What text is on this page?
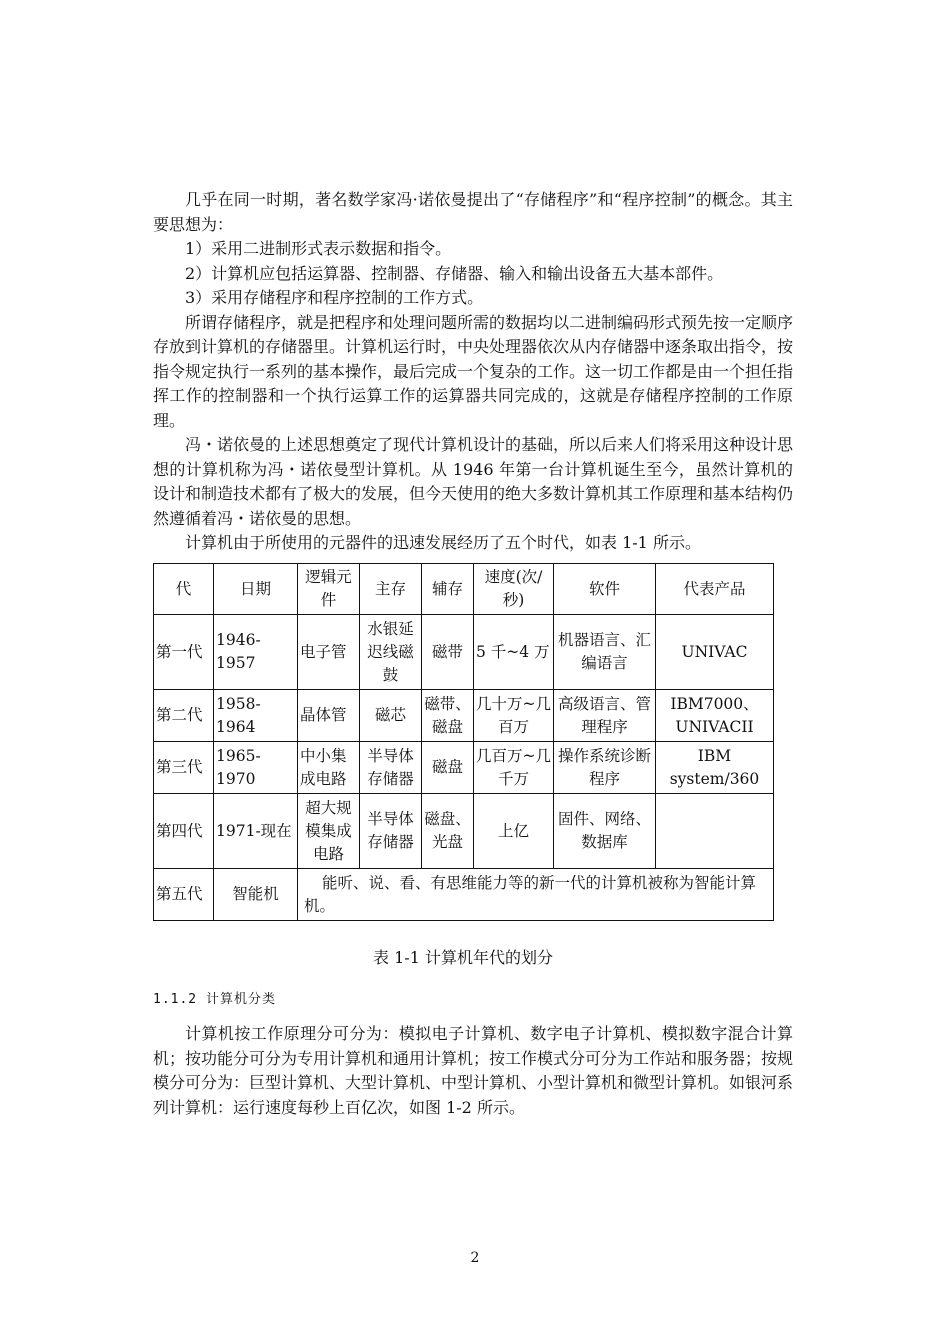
几乎在同一时期，著名数学家冯·诺依曼提出了“存储程序”和“程序控制”的概念。其主要思想为：

1）采用二进制形式表示数据和指令。

2）计算机应包括运算器、控制器、存储器、输入和输出设备五大基本部件。

3）采用存储程序和程序控制的工作方式。

所谓存储程序，就是把程序和处理问题所需的数据均以二进制编码形式预先按一定顺序存放到计算机的存储器里。计算机运行时，中央处理器依次从内存储器中逐条取出指令，按指令规定执行一系列的基本操作，最后完成一个复杂的工作。这一切工作都是由一个担任指挥工作的控制器和一个执行运算工作的运算器共同完成的，这就是存储程序控制的工作原理。

冯・诺依曼的上述思想奠定了现代计算机设计的基础，所以后来人们将采用这种设计思想的计算机称为冯・诺依曼型计算机。从 1946 年第一台计算机诞生至今，虽然计算机的设计和制造技术都有了极大的发展，但今天使用的绝大多数计算机其工作原理和基本结构仍然遵循着冯・诺依曼的思想。

计算机由于所使用的元器件的迅速发展经历了五个时代，如表 1-1 所示。

代	日期	逻辑元件	主存	辅存	速度(次/秒)	软件	代表产品
第一代	1946-1957	电子管	水银延迟线磁鼓	磁带	5 千~4 万	机器语言、汇编语言	UNIVAC
第二代	1958-1964	晶体管	磁芯	磁带、磁盘	几十万~几百万	高级语言、管理程序	IBM7000、UNIVACII
第三代	1965-1970	中小集成电路	半导体存储器	磁盘	几百万~几千万	操作系统诊断程序	IBM system/360
第四代	1971-现在	超大规模集成电路	半导体存储器	磁盘、光盘	上亿	固件、网络、数据库	
第五代	智能机	能听、说、看、有思维能力等的新一代的计算机被称为智能计算机。					
表 1-1 计算机年代的划分
1.1.2 计算机分类

计算机按工作原理分可分为：模拟电子计算机、数字电子计算机、模拟数字混合计算机；按功能分可分为专用计算机和通用计算机；按工作模式分可分为工作站和服务器；按规模分可分为：巨型计算机、大型计算机、中型计算机、小型计算机和微型计算机。如银河系列计算机：运行速度每秒上百亿次，如图 1-2 所示。

2
